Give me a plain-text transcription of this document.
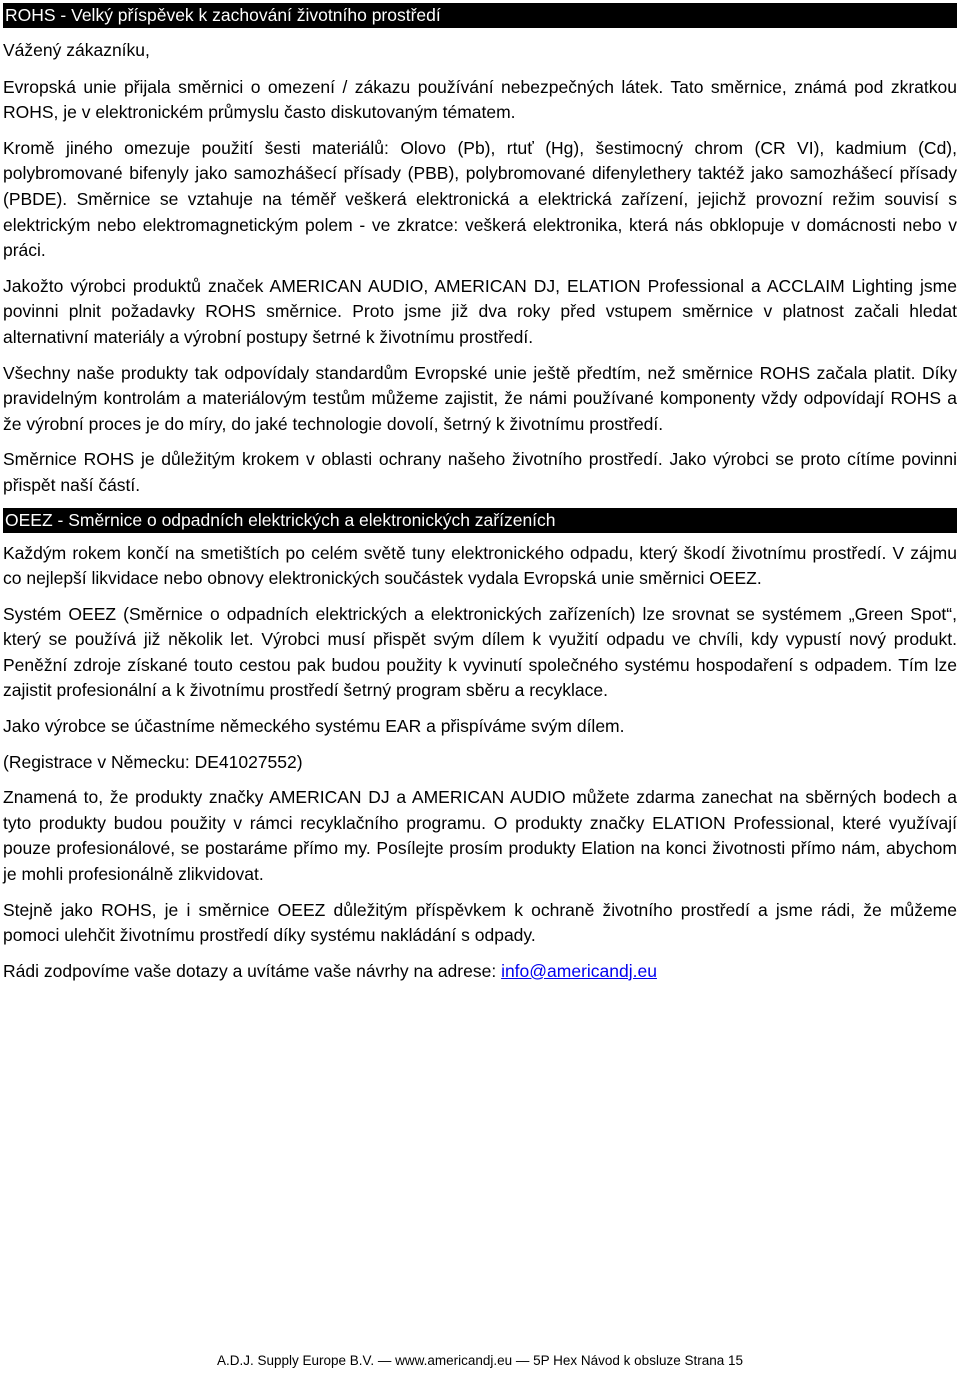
ROHS - Velký příspěvek k zachování životního prostředí

Vážený zákazníku,

Evropská unie přijala směrnici o omezení / zákazu používání nebezpečných látek. Tato směrnice, známá pod zkratkou ROHS, je v elektronickém průmyslu často diskutovaným tématem.

Kromě jiného omezuje použití šesti materiálů: Olovo (Pb), rtuť (Hg), šestimocný chrom (CR VI), kadmium (Cd), polybromované bifenyly jako samozhášecí přísady (PBB), polybromované difenylethery taktéž jako samozhášecí přísady (PBDE). Směrnice se vztahuje na téměř veškerá elektronická a elektrická zařízení, jejichž provozní režim souvisí s elektrickým nebo elektromagnetickým polem - ve zkratce: veškerá elektronika, která nás obklopuje v domácnosti nebo v práci.

Jakožto výrobci produktů značek AMERICAN AUDIO, AMERICAN DJ, ELATION Professional a ACCLAIM Lighting jsme povinni plnit požadavky ROHS směrnice. Proto jsme již dva roky před vstupem směrnice v platnost začali hledat alternativní materiály a výrobní postupy šetrné k životnímu prostředí.

Všechny naše produkty tak odpovídaly standardům Evropské unie ještě předtím, než směrnice ROHS začala platit. Díky pravidelným kontrolám a materiálovým testům můžeme zajistit, že námi používané komponenty vždy odpovídají ROHS a že výrobní proces je do míry, do jaké technologie dovolí, šetrný k životnímu prostředí.

Směrnice ROHS je důležitým krokem v oblasti ochrany našeho životního prostředí. Jako výrobci se proto cítíme povinni přispět naší částí.

OEEZ - Směrnice o odpadních elektrických a elektronických zařízeních

Každým rokem končí na smetištích po celém světě tuny elektronického odpadu, který škodí životnímu prostředí. V zájmu co nejlepší likvidace nebo obnovy elektronických součástek vydala Evropská unie směrnici OEEZ.

Systém OEEZ (Směrnice o odpadních elektrických a elektronických zařízeních) lze srovnat se systémem „Green Spot“, který se používá již několik let. Výrobci musí přispět svým dílem k využití odpadu ve chvíli, kdy vypustí nový produkt. Peněžní zdroje získané touto cestou pak budou použity k vyvinutí společného systému hospodaření s odpadem. Tím lze zajistit profesionální a k životnímu prostředí šetrný program sběru a recyklace.

Jako výrobce se účastníme německého systému EAR a přispíváme svým dílem.

(Registrace v Německu: DE41027552)

Znamená to, že produkty značky AMERICAN DJ a AMERICAN AUDIO můžete zdarma zanechat na sběrných bodech a tyto produkty budou použity v rámci recyklačního programu. O produkty značky ELATION Professional, které využívají pouze profesionálové, se postaráme přímo my. Posílejte prosím produkty Elation na konci životnosti přímo nám, abychom je mohli profesionálně zlikvidovat.

Stejně jako ROHS, je i směrnice OEEZ důležitým příspěvkem k ochraně životního prostředí a jsme rádi, že můžeme pomoci ulehčit životnímu prostředí díky systému nakládání s odpady.

Rádi zodpovíme vaše dotazy a uvítáme vaše návrhy na adrese: info@americandj.eu

A.D.J. Supply Europe B.V. — www.americandj.eu — 5P Hex Návod k obsluze Strana 15
